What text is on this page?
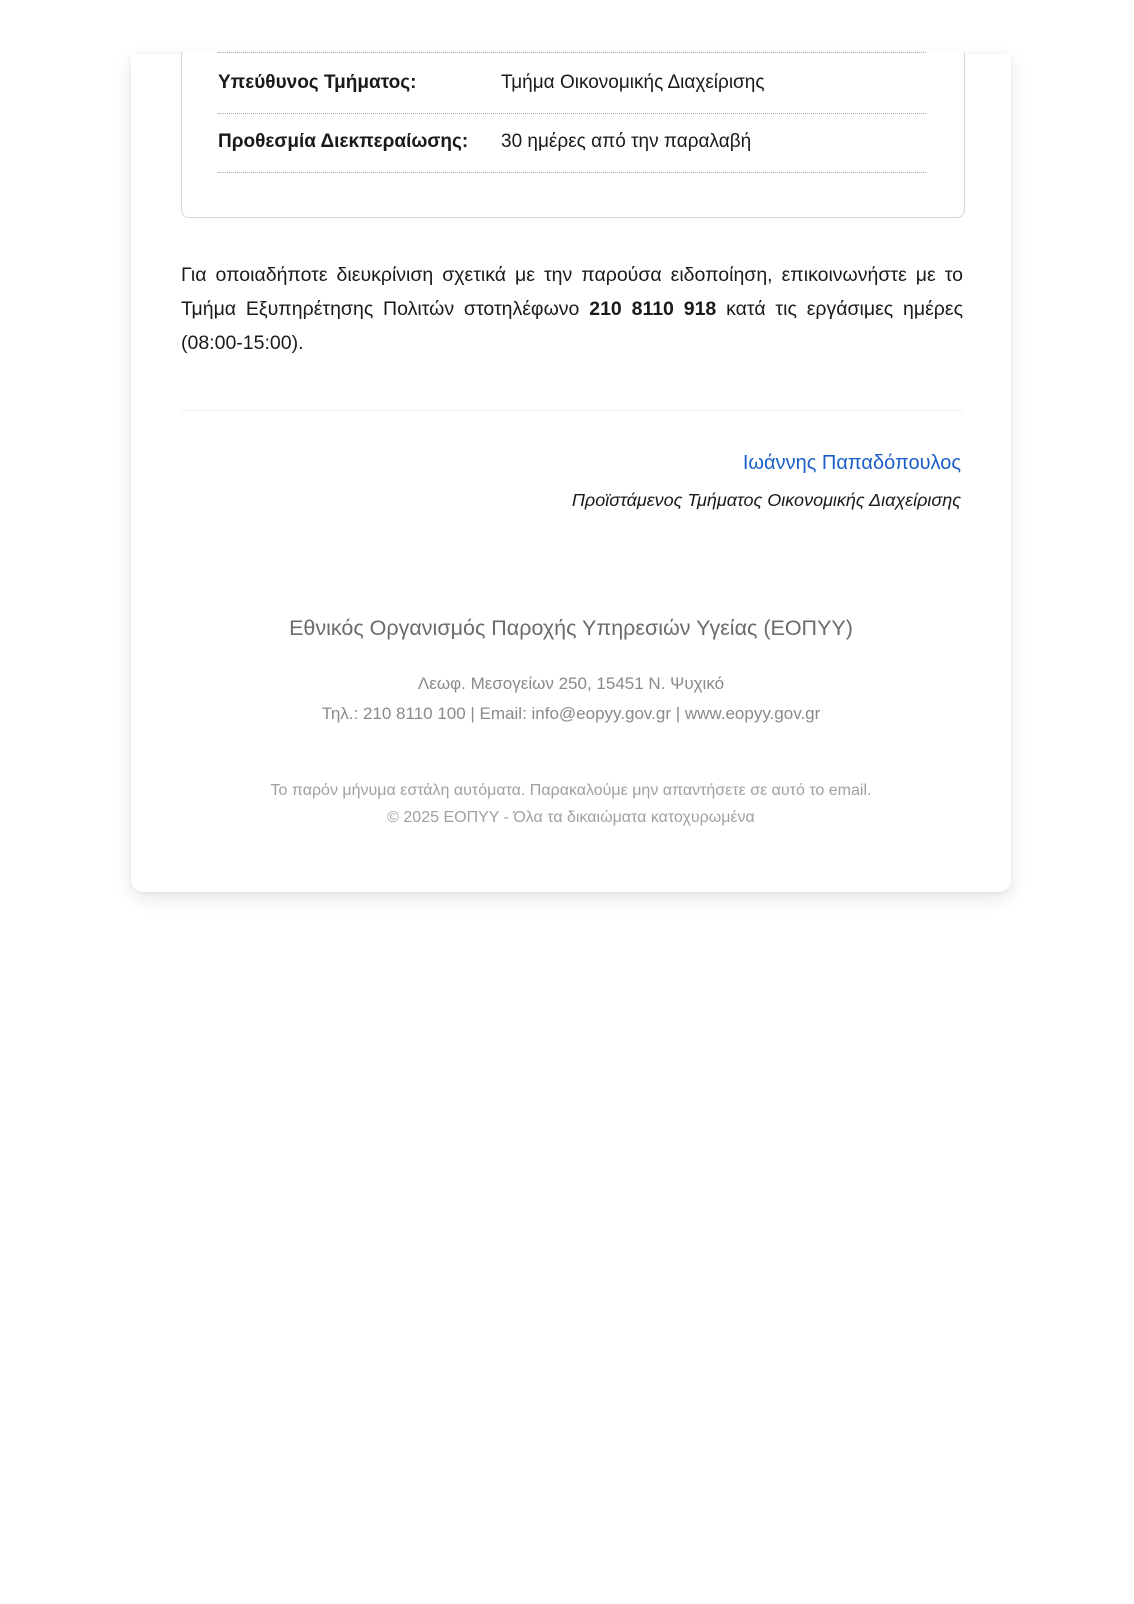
Υπεύθυνος Τμήματος:	Τμήμα Οικονομικής Διαχείρισης
Προθεσμία Διεκπεραίωσης:	30 ημέρες από την παραλαβή

Για οποιαδήποτε διευκρίνιση σχετικά με την παρούσα ειδοποίηση, επικοινωνήστε με το Τμήμα Εξυπηρέτησης Πολιτών στοτηλέφωνο 210 8110 918 κατά τις εργάσιμες ημέρες (08:00-15:00).

Ιωάννης Παπαδόπουλος
Προϊστάμενος Τμήματος Οικονομικής Διαχείρισης
Εθνικός Οργανισμός Παροχής Υπηρεσιών Υγείας (ΕΟΠΥΥ)
Λεωφ. Μεσογείων 250, 15451 Ν. Ψυχικό
Τηλ.: 210 8110 100 | Email: info@eopyy.gov.gr | www.eopyy.gov.gr
Το παρόν μήνυμα εστάλη αυτόματα. Παρακαλούμε μην απαντήσετε σε αυτό το email.
© 2025 ΕΟΠΥΥ - Όλα τα δικαιώματα κατοχυρωμένα
